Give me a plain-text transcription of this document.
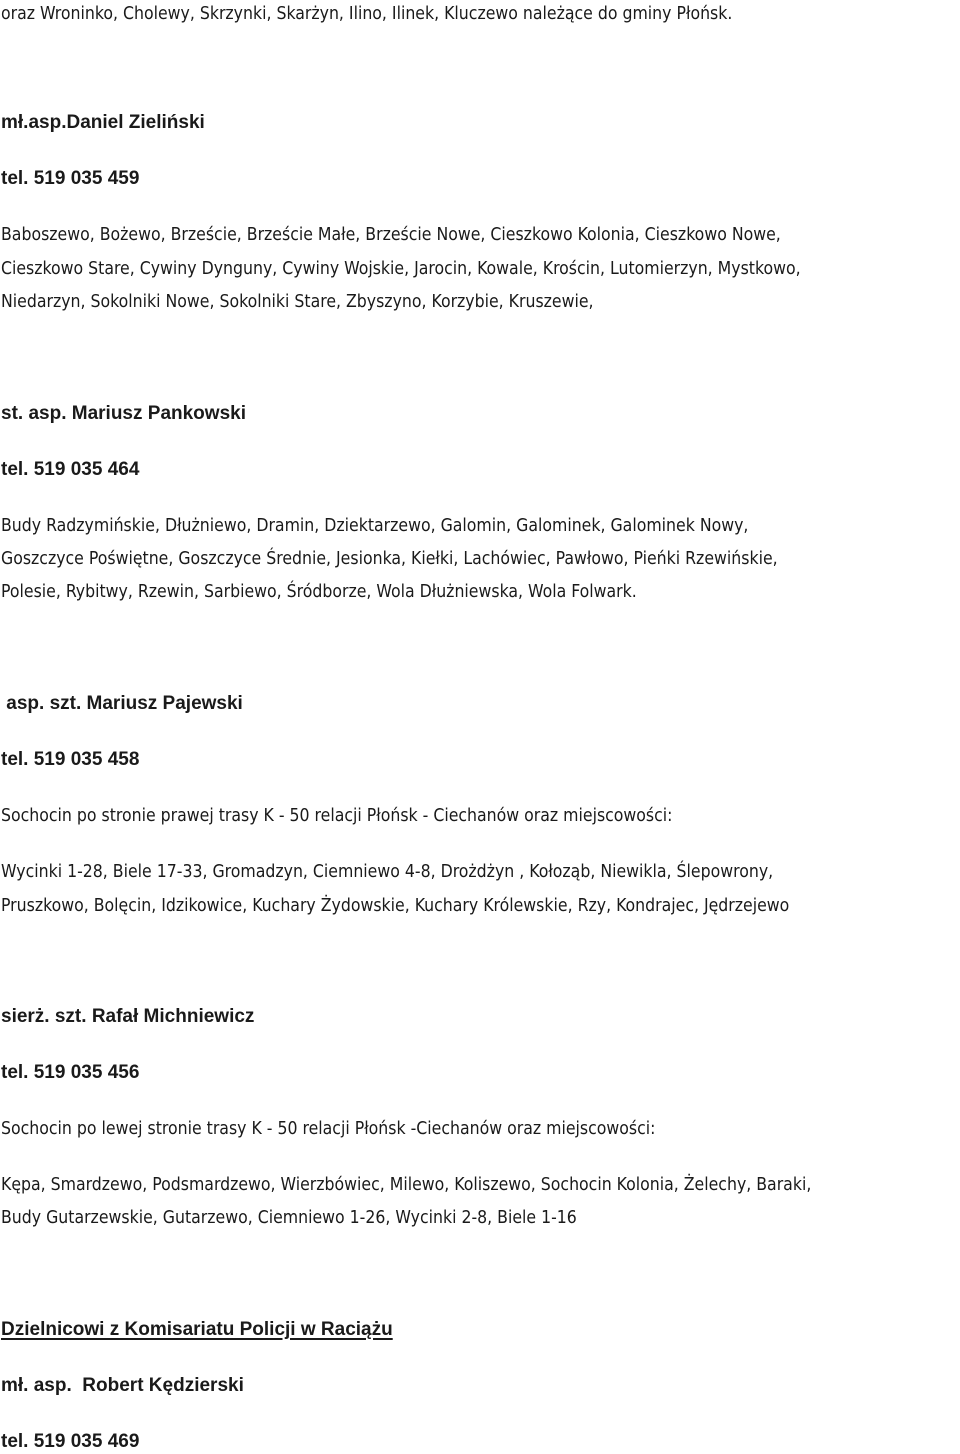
oraz Wroninko, Cholewy, Skrzynki, Skarżyn, Ilino, Ilinek, Kluczewo należące do gminy Płońsk.
mł.asp.Daniel Zieliński
tel. 519 035 459
Baboszewo, Bożewo, Brzeście, Brzeście Małe, Brzeście Nowe, Cieszkowo Kolonia, Cieszkowo Nowe,
Cieszkowo Stare, Cywiny Dynguny, Cywiny Wojskie, Jarocin, Kowale, Krościn, Lutomierzyn, Mystkowo,
Niedarzyn, Sokolniki Nowe, Sokolniki Stare, Zbyszyno, Korzybie, Kruszewie,
st. asp. Mariusz Pankowski
tel. 519 035 464
Budy Radzymińskie, Dłużniewo, Dramin, Dziektarzewo, Galomin, Galominek, Galominek Nowy,
Goszczyce Poświętne, Goszczyce Średnie, Jesionka, Kiełki, Lachówiec, Pawłowo, Pieńki Rzewińskie,
Polesie, Rybitwy, Rzewin, Sarbiewo, Śródborze, Wola Dłużniewska, Wola Folwark.
asp. szt. Mariusz Pajewski
tel. 519 035 458
Sochocin po stronie prawej trasy K - 50 relacji Płońsk - Ciechanów oraz miejscowości:
Wycinki 1-28, Biele 17-33, Gromadzyn, Ciemniewo 4-8, Drożdżyn , Kołoząb, Niewikla, Ślepowrony,
Pruszkowo, Bolęcin, Idzikowice, Kuchary Żydowskie, Kuchary Królewskie, Rzy, Kondrajec, Jędrzejewo
sierż. szt. Rafał Michniewicz
tel. 519 035 456
Sochocin po lewej stronie trasy K - 50 relacji Płońsk -Ciechanów oraz miejscowości:
Kępa, Smardzewo, Podsmardzewo, Wierzbówiec, Milewo, Koliszewo, Sochocin Kolonia, Żelechy, Baraki,
Budy Gutarzewskie, Gutarzewo, Ciemniewo 1-26, Wycinki 2-8, Biele 1-16
Dzielnicowi z Komisariatu Policji w Raciążu
mł. asp.  Robert Kędzierski
tel. 519 035 469
